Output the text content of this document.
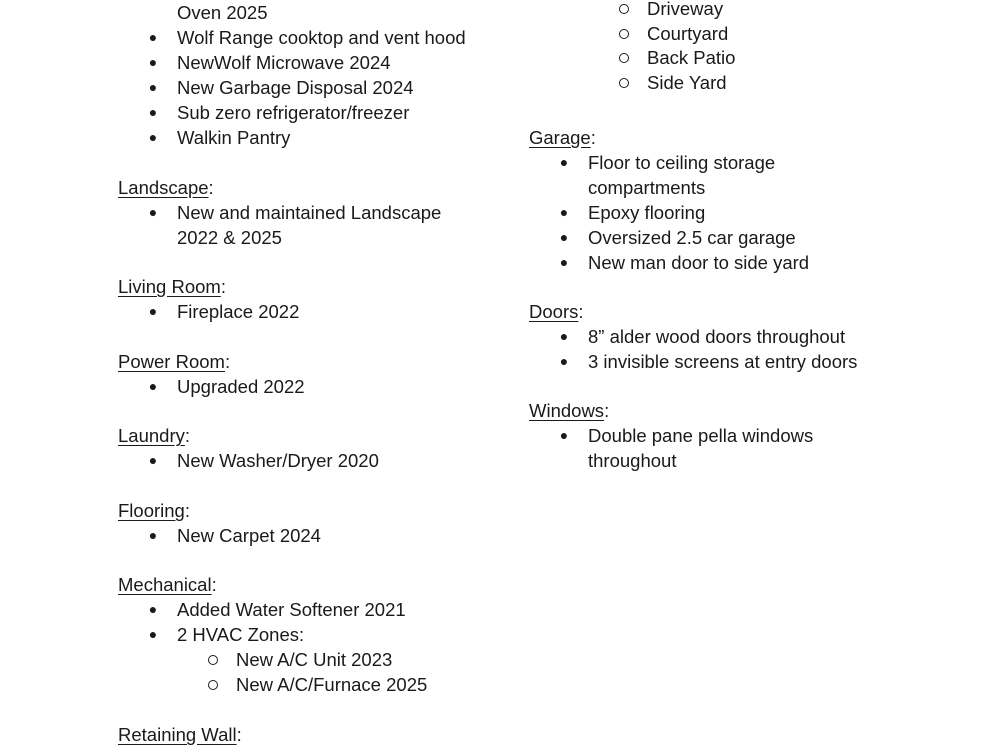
Oven 2025
● Wolf Range cooktop and vent hood
● NewWolf Microwave 2024
● New Garbage Disposal 2024
● Sub zero refrigerator/freezer
● Walkin Pantry
Landscape:
● New and maintained Landscape
2022 & 2025
Living Room:
● Fireplace 2022
Power Room:
● Upgraded 2022
Laundry:
● New Washer/Dryer 2020
Flooring:
● New Carpet 2024
Mechanical:
● Added Water Softener 2021
● 2 HVAC Zones:
New A/C Unit 2023
New A/C/Furnace 2025
Retaining Wall:
Driveway
Courtyard
Back Patio
Side Yard
Garage:
● Floor to ceiling storage
compartments
● Epoxy flooring
● Oversized 2.5 car garage
● New man door to side yard
Doors:
● 8” alder wood doors throughout
● 3 invisible screens at entry doors
Windows:
● Double pane pella windows
throughout
